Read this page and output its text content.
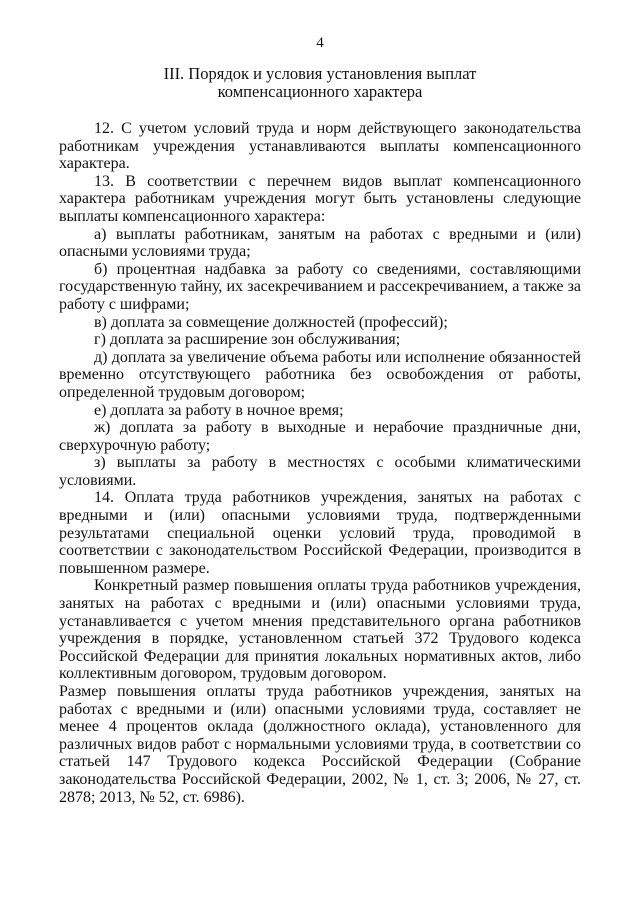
4
III. Порядок и условия установления выплат
компенсационного характера

12. С учетом условий труда и норм действующего законодательства работникам учреждения устанавливаются выплаты компенсационного характера.

13. В соответствии с перечнем видов выплат компенсационного характера работникам учреждения могут быть установлены следующие выплаты компенсационного характера:

а) выплаты работникам, занятым на работах с вредными и (или) опасными условиями труда;

б) процентная надбавка за работу со сведениями, составляющими государственную тайну, их засекречиванием и рассекречиванием, а также за работу с шифрами;

в) доплата за совмещение должностей (профессий);

г) доплата за расширение зон обслуживания;

д) доплата за увеличение объема работы или исполнение обязанностей временно отсутствующего работника без освобождения от работы, определенной трудовым договором;

е) доплата за работу в ночное время;

ж) доплата за работу в выходные и нерабочие праздничные дни, сверхурочную работу;

з) выплаты за работу в местностях с особыми климатическими условиями.

14. Оплата труда работников учреждения, занятых на работах с вредными и (или) опасными условиями труда, подтвержденными результатами специальной оценки условий труда, проводимой в соответствии с законодательством Российской Федерации, производится в повышенном размере.

Конкретный размер повышения оплаты труда работников учреждения, занятых на работах с вредными и (или) опасными условиями труда, устанавливается с учетом мнения представительного органа работников учреждения в порядке, установленном статьей 372 Трудового кодекса Российской Федерации для принятия локальных нормативных актов, либо коллективным договором, трудовым договором.

Размер повышения оплаты труда работников учреждения, занятых на работах с вредными и (или) опасными условиями труда, составляет не менее 4 процентов оклада (должностного оклада), установленного для различных видов работ с нормальными условиями труда, в соответствии со статьей 147 Трудового кодекса Российской Федерации (Собрание законодательства Российской Федерации, 2002, № 1, ст. 3; 2006, № 27, ст. 2878; 2013, № 52, ст. 6986).
